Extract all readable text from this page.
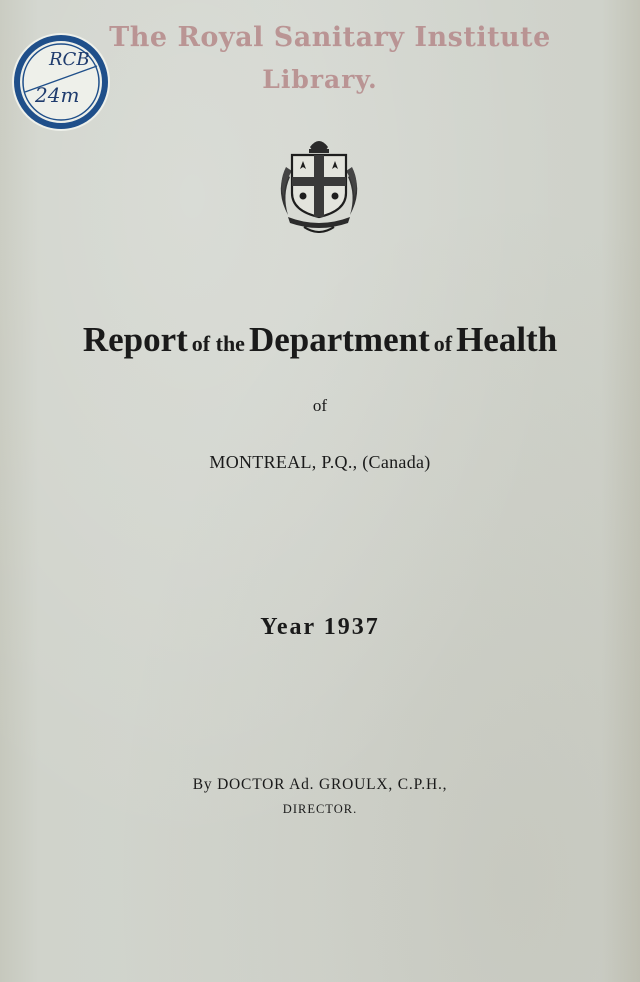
The Royal Sanitary Institute
Library.
RCB
24m
Report of the Department of Health
of
MONTREAL, P.Q., (Canada)
Year 1937
By DOCTOR Ad. GROULX, C.P.H.,
DIRECTOR.
